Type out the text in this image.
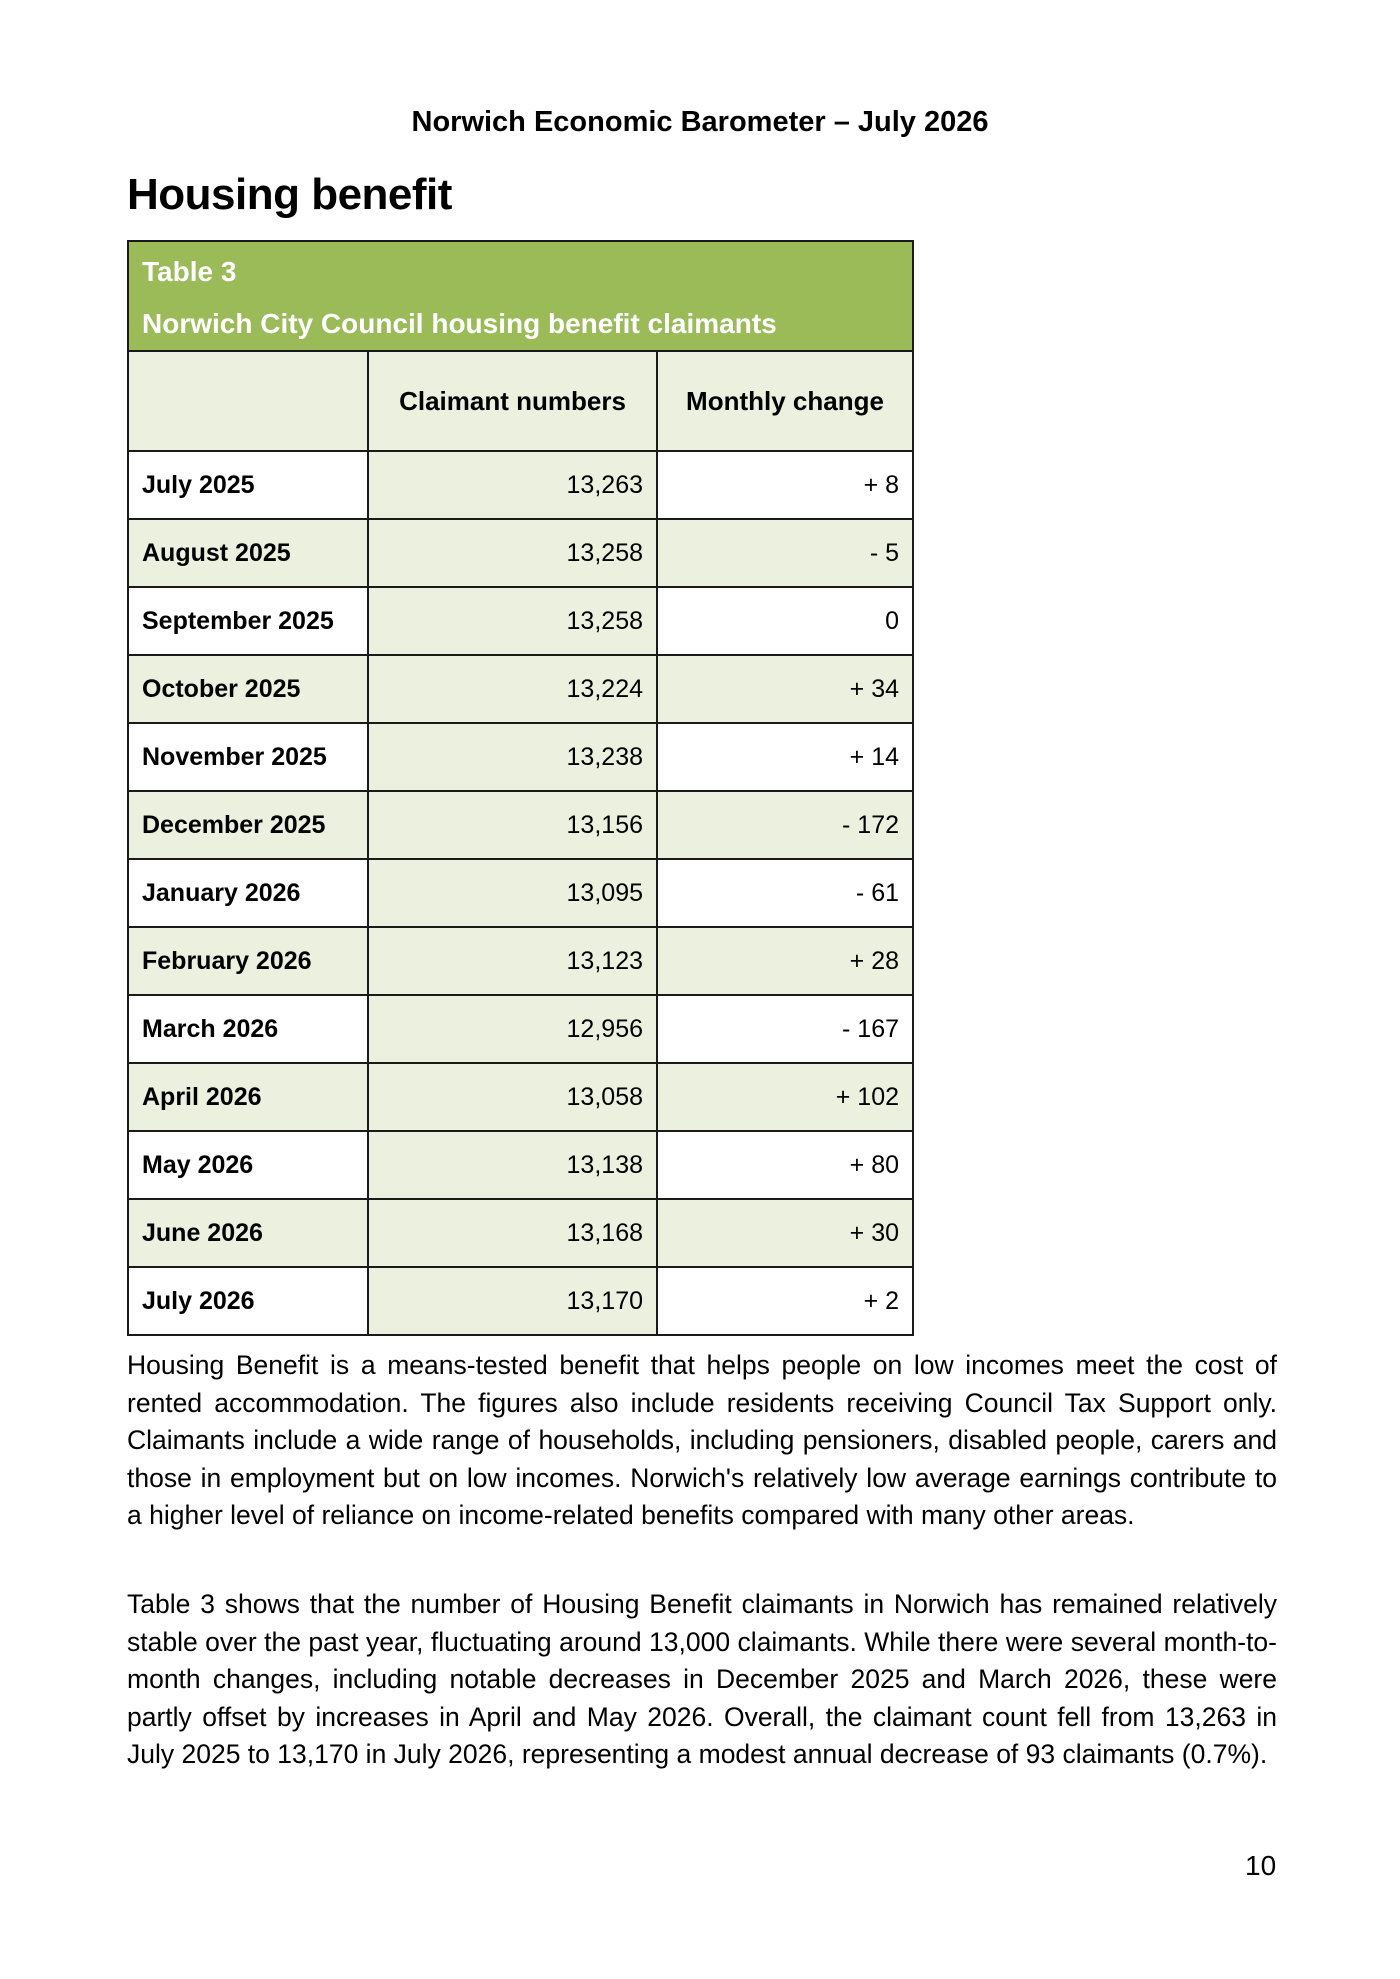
Norwich Economic Barometer – July 2026
Housing benefit
Table 3
Norwich City Council housing benefit claimants		

	Claimant numbers	Monthly change
July 2025	13,263	+ 8
August 2025	13,258	- 5
September 2025	13,258	0
October 2025	13,224	+ 34
November 2025	13,238	+ 14
December 2025	13,156	- 172
January 2026	13,095	- 61
February 2026	13,123	+ 28
March 2026	12,956	- 167
April 2026	13,058	+ 102
May 2026	13,138	+ 80
June 2026	13,168	+ 30
July 2026	13,170	+ 2
Housing Benefit is a means-tested benefit that helps people on low incomes meet the cost of rented accommodation. The figures also include residents receiving Council Tax Support only. Claimants include a wide range of households, including pensioners, disabled people, carers and those in employment but on low incomes. Norwich's relatively low average earnings contribute to a higher level of reliance on income-related benefits compared with many other areas.
Table 3 shows that the number of Housing Benefit claimants in Norwich has remained relatively stable over the past year, fluctuating around 13,000 claimants. While there were several month-to-month changes, including notable decreases in December 2025 and March 2026, these were partly offset by increases in April and May 2026. Overall, the claimant count fell from 13,263 in July 2025 to 13,170 in July 2026, representing a modest annual decrease of 93 claimants (0.7%).
10
